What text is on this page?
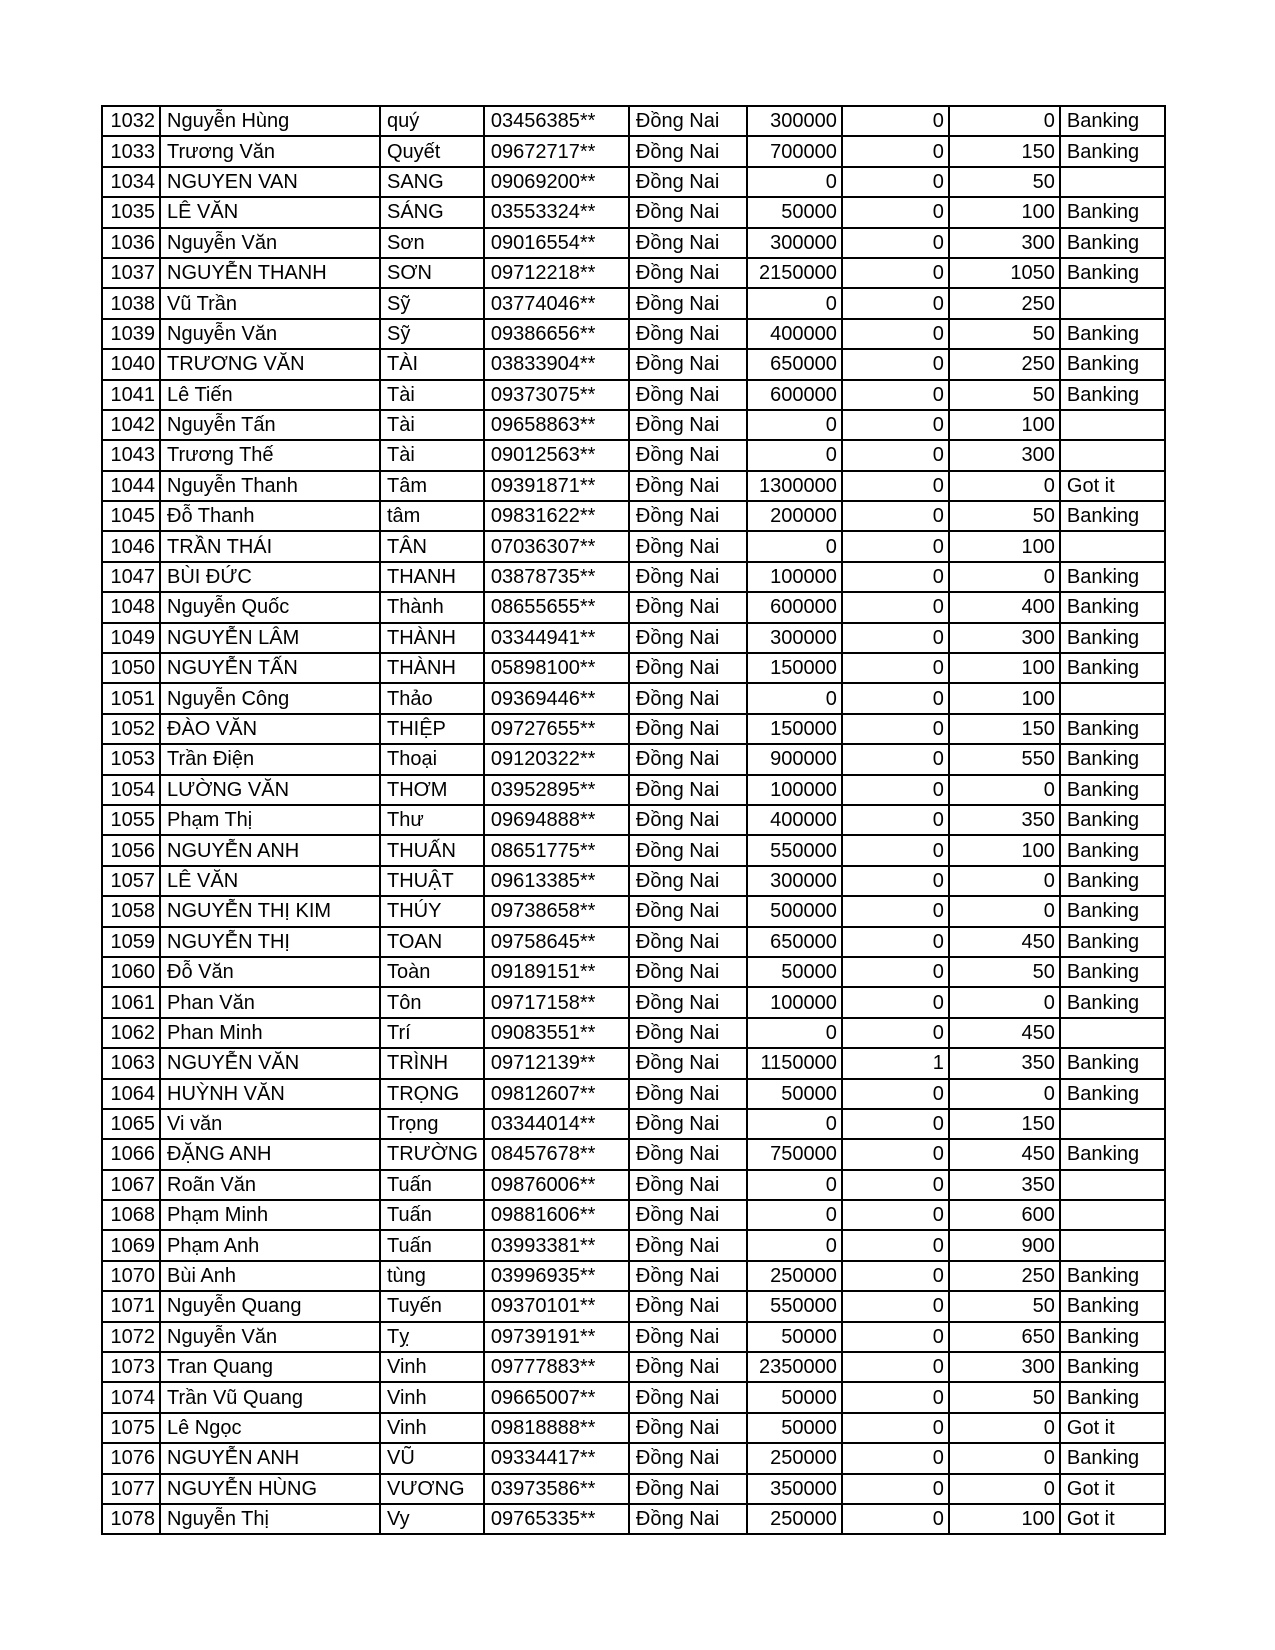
1032	Nguyễn Hùng	quý	03456385**	Đồng Nai	300000	0	0	Banking
1033	Trương Văn	Quyết	09672717**	Đồng Nai	700000	0	150	Banking
1034	NGUYEN VAN	SANG	09069200**	Đồng Nai	0	0	50	
1035	LÊ VĂN	SÁNG	03553324**	Đồng Nai	50000	0	100	Banking
1036	Nguyễn Văn	Sơn	09016554**	Đồng Nai	300000	0	300	Banking
1037	NGUYỄN THANH	SƠN	09712218**	Đồng Nai	2150000	0	1050	Banking
1038	Vũ Trần	Sỹ	03774046**	Đồng Nai	0	0	250	
1039	Nguyễn Văn	Sỹ	09386656**	Đồng Nai	400000	0	50	Banking
1040	TRƯƠNG VĂN	TÀI	03833904**	Đồng Nai	650000	0	250	Banking
1041	Lê Tiến	Tài	09373075**	Đồng Nai	600000	0	50	Banking
1042	Nguyễn Tấn	Tài	09658863**	Đồng Nai	0	0	100	
1043	Trương Thế	Tài	09012563**	Đồng Nai	0	0	300	
1044	Nguyễn Thanh	Tâm	09391871**	Đồng Nai	1300000	0	0	Got it
1045	Đỗ Thanh	tâm	09831622**	Đồng Nai	200000	0	50	Banking
1046	TRẦN THÁI	TÂN	07036307**	Đồng Nai	0	0	100	
1047	BÙI ĐỨC	THANH	03878735**	Đồng Nai	100000	0	0	Banking
1048	Nguyễn Quốc	Thành	08655655**	Đồng Nai	600000	0	400	Banking
1049	NGUYỄN LÂM	THÀNH	03344941**	Đồng Nai	300000	0	300	Banking
1050	NGUYỄN TẤN	THÀNH	05898100**	Đồng Nai	150000	0	100	Banking
1051	Nguyễn Công	Thảo	09369446**	Đồng Nai	0	0	100	
1052	ĐÀO VĂN	THIỆP	09727655**	Đồng Nai	150000	0	150	Banking
1053	Trần Điện	Thoại	09120322**	Đồng Nai	900000	0	550	Banking
1054	LƯỜNG VĂN	THƠM	03952895**	Đồng Nai	100000	0	0	Banking
1055	Phạm Thị	Thư	09694888**	Đồng Nai	400000	0	350	Banking
1056	NGUYỄN ANH	THUẤN	08651775**	Đồng Nai	550000	0	100	Banking
1057	LÊ VĂN	THUẬT	09613385**	Đồng Nai	300000	0	0	Banking
1058	NGUYỄN THỊ KIM	THÚY	09738658**	Đồng Nai	500000	0	0	Banking
1059	NGUYỄN THỊ	TOAN	09758645**	Đồng Nai	650000	0	450	Banking
1060	Đỗ Văn	Toàn	09189151**	Đồng Nai	50000	0	50	Banking
1061	Phan Văn	Tôn	09717158**	Đồng Nai	100000	0	0	Banking
1062	Phan Minh	Trí	09083551**	Đồng Nai	0	0	450	
1063	NGUYỄN VĂN	TRÌNH	09712139**	Đồng Nai	1150000	1	350	Banking
1064	HUỲNH VĂN	TRỌNG	09812607**	Đồng Nai	50000	0	0	Banking
1065	Vi văn	Trọng	03344014**	Đồng Nai	0	0	150	
1066	ĐẶNG ANH	TRƯỜNG	08457678**	Đồng Nai	750000	0	450	Banking
1067	Roãn Văn	Tuấn	09876006**	Đồng Nai	0	0	350	
1068	Phạm Minh	Tuấn	09881606**	Đồng Nai	0	0	600	
1069	Phạm Anh	Tuấn	03993381**	Đồng Nai	0	0	900	
1070	Bùi Anh	tùng	03996935**	Đồng Nai	250000	0	250	Banking
1071	Nguyễn Quang	Tuyến	09370101**	Đồng Nai	550000	0	50	Banking
1072	Nguyễn Văn	Tỵ	09739191**	Đồng Nai	50000	0	650	Banking
1073	Tran Quang	Vinh	09777883**	Đồng Nai	2350000	0	300	Banking
1074	Trần Vũ Quang	Vinh	09665007**	Đồng Nai	50000	0	50	Banking
1075	Lê Ngọc	Vinh	09818888**	Đồng Nai	50000	0	0	Got it
1076	NGUYỄN ANH	VŨ	09334417**	Đồng Nai	250000	0	0	Banking
1077	NGUYỄN HÙNG	VƯƠNG	03973586**	Đồng Nai	350000	0	0	Got it
1078	Nguyễn Thị	Vy	09765335**	Đồng Nai	250000	0	100	Got it
